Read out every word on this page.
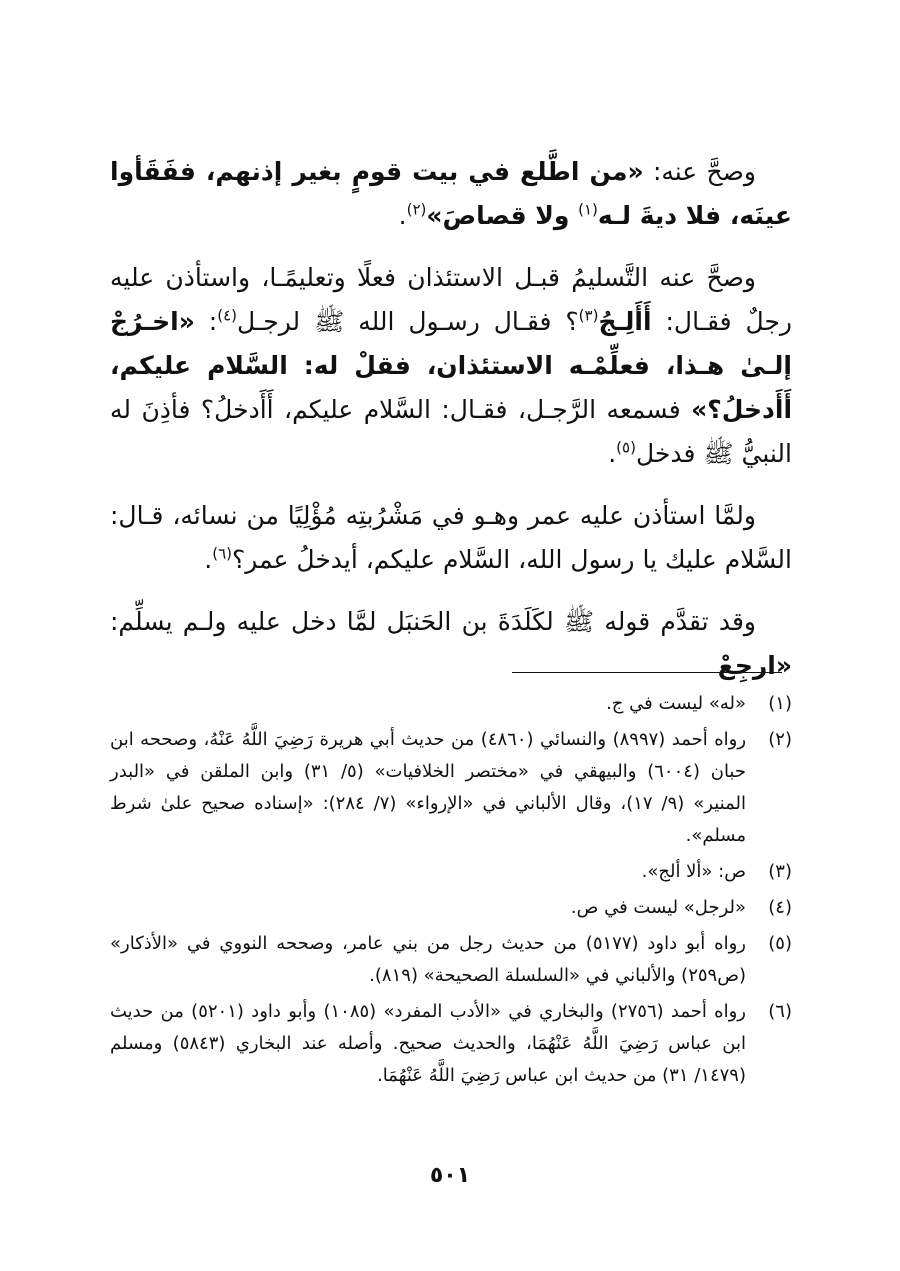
وصحَّ عنه: «من اطَّلع في بيت قومٍ بغير إذنهم، ففَقَأوا عينَه، فلا ديةَ لـه$^{(١)}$ ولا قصاصَ»$^{(٢)}$.

وصحَّ عنه التَّسليمُ قبـل الاستئذان فعلًا وتعليمًـا، واستأذن عليه رجلٌ فقـال: أَأَلِـجُ$^{(٣)}$؟ فقـال رسـول الله ﷺ لرجـل$^{(٤)}$: «اخـرُجْ إلـىٰ هـذا، فعلِّمْـه الاستئذان، فقلْ له: السَّلام عليكم، أَأَدخلُ؟» فسمعه الرَّجـل، فقـال: السَّلام عليكم، أَأَدخلُ؟ فأذِنَ له النبيُّ ﷺ فدخل$^{(٥)}$.

ولمَّا استأذن عليه عمر وهـو في مَشْرُبتِه مُؤْلِيًا من نسائه، قـال: السَّلام عليك يا رسول الله، السَّلام عليكم، أيدخلُ عمر؟$^{(٦)}$.

وقد تقدَّم قوله ﷺ لكَلَدَةَ بن الحَنبَل لمَّا دخل عليه ولـم يسلِّم: «ارجِعْ

(١)
«له» ليست في ج.
(٢)
رواه أحمد (٨٩٩٧) والنسائي (٤٨٦٠) من حديث أبي هريرة رَضِيَ اللَّهُ عَنْهُ، وصححه ابن حبان (٦٠٠٤) والبيهقي في «مختصر الخلافيات» (٥/ ٣١) وابن الملقن في «البدر المنير» (٩/ ١٧)، وقال الألباني في «الإرواء» (٧/ ٢٨٤): «إسناده صحيح علىٰ شرط مسلم».
(٣)
ص: «ألا ألج».
(٤)
«لرجل» ليست في ص.
(٥)
رواه أبو داود (٥١٧٧) من حديث رجل من بني عامر، وصححه النووي في «الأذكار» (ص٢٥٩) والألباني في «السلسلة الصحيحة» (٨١٩).
(٦)
رواه أحمد (٢٧٥٦) والبخاري في «الأدب المفرد» (١٠٨٥) وأبو داود (٥٢٠١) من حديث ابن عباس رَضِيَ اللَّهُ عَنْهُمَا، والحديث صحيح. وأصله عند البخاري (٥٨٤٣) ومسلم (١٤٧٩/ ٣١) من حديث ابن عباس رَضِيَ اللَّهُ عَنْهُمَا.
٥٠١
